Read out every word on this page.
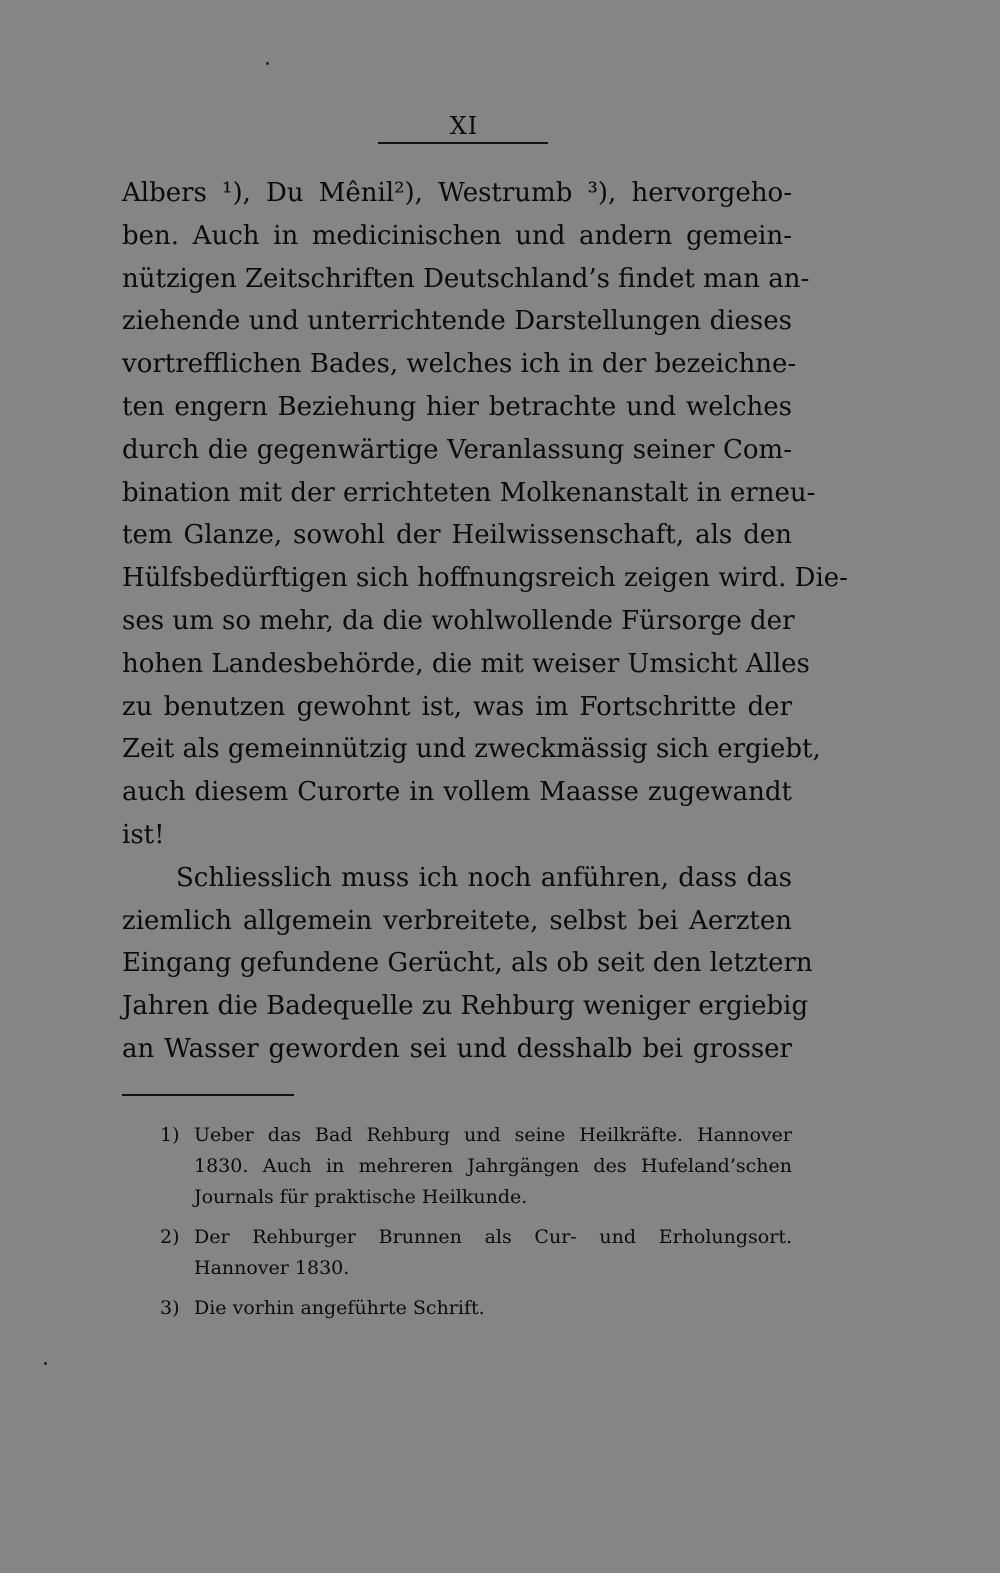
XI
Albers ¹), Du Mênil²), Westrumb ³), hervorgeho-
ben. Auch in medicinischen und andern gemein-
nützigen Zeitschriften Deutschland’s findet man an-
ziehende und unterrichtende Darstellungen dieses
vortrefflichen Bades, welches ich in der bezeichne-
ten engern Beziehung hier betrachte und welches
durch die gegenwärtige Veranlassung seiner Com-
bination mit der errichteten Molkenanstalt in erneu-
tem Glanze, sowohl der Heilwissenschaft, als den
Hülfsbedürftigen sich hoffnungsreich zeigen wird. Die-
ses um so mehr, da die wohlwollende Fürsorge der
hohen Landesbehörde, die mit weiser Umsicht Alles
zu benutzen gewohnt ist, was im Fortschritte der
Zeit als gemeinnützig und zweckmässig sich ergiebt,
auch diesem Curorte in vollem Maasse zugewandt
ist!
Schliesslich muss ich noch anführen, dass das
ziemlich allgemein verbreitete, selbst bei Aerzten
Eingang gefundene Gerücht, als ob seit den letztern
Jahren die Badequelle zu Rehburg weniger ergiebig
an Wasser geworden sei und desshalb bei grosser
1) Ueber das Bad Rehburg und seine Heilkräfte. Hannover
1830. Auch in mehreren Jahrgängen des Hufeland’schen
Journals für praktische Heilkunde.
2) Der Rehburger Brunnen als Cur- und Erholungsort.
Hannover 1830.
3) Die vorhin angeführte Schrift.
